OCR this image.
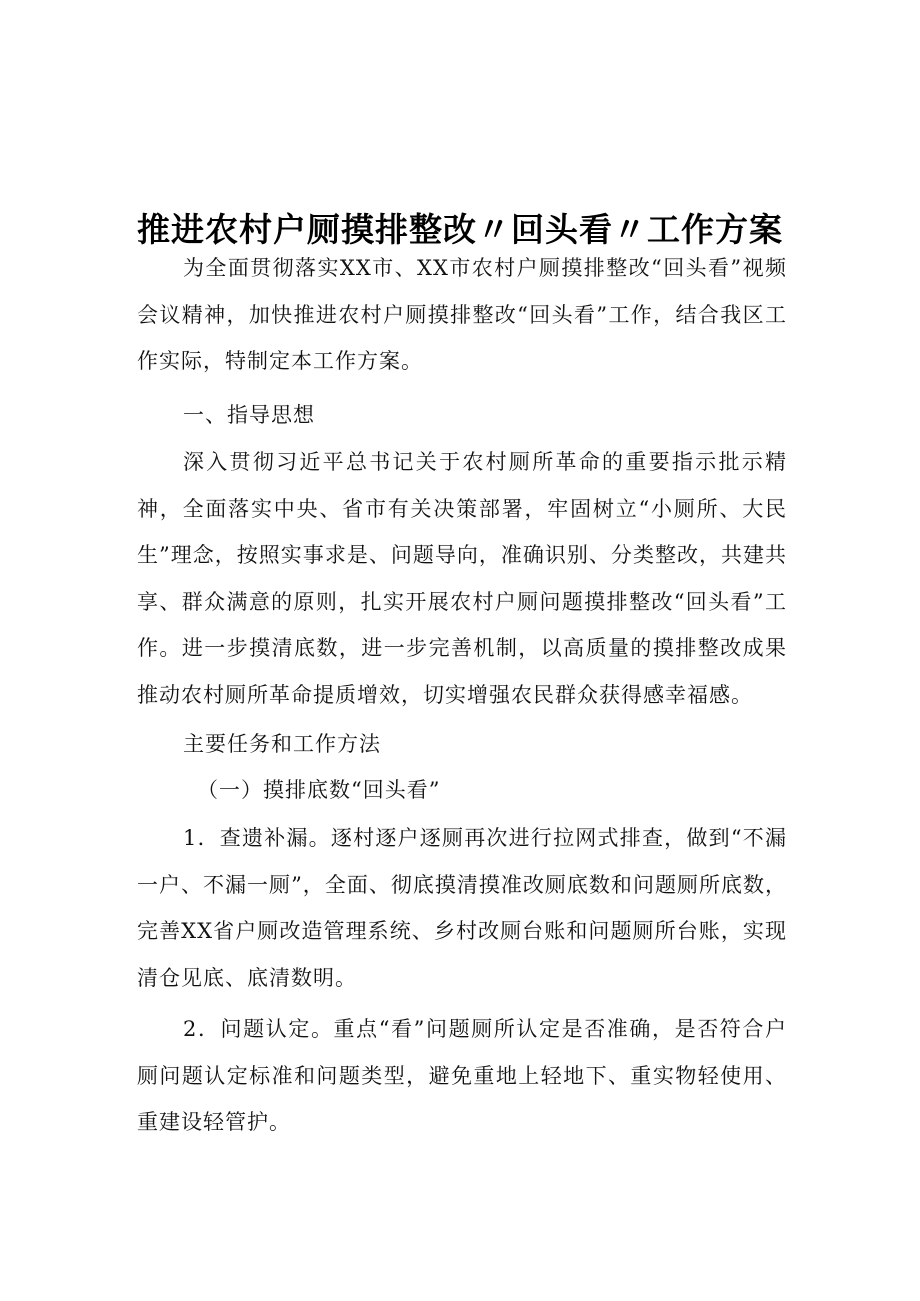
推进农村户厕摸排整改〃回头看〃工作方案

为全面贯彻落实XX市、XX市农村户厕摸排整改“回头看”视频会议精神，加快推进农村户厕摸排整改“回头看”工作，结合我区工作实际，特制定本工作方案。

一、指导思想

深入贯彻习近平总书记关于农村厕所革命的重要指示批示精神，全面落实中央、省市有关决策部署，牢固树立“小厕所、大民生”理念，按照实事求是、问题导向，准确识别、分类整改，共建共享、群众满意的原则，扎实开展农村户厕问题摸排整改“回头看”工作。进一步摸清底数，进一步完善机制，以高质量的摸排整改成果推动农村厕所革命提质增效，切实增强农民群众获得感幸福感。

主要任务和工作方法

（一）摸排底数“回头看”

1．查遗补漏。逐村逐户逐厕再次进行拉网式排查，做到“不漏一户、不漏一厕”，全面、彻底摸清摸准改厕底数和问题厕所底数，完善XX省户厕改造管理系统、乡村改厕台账和问题厕所台账，实现清仓见底、底清数明。

2．问题认定。重点“看”问题厕所认定是否准确，是否符合户厕问题认定标准和问题类型，避免重地上轻地下、重实物轻使用、重建设轻管护。
